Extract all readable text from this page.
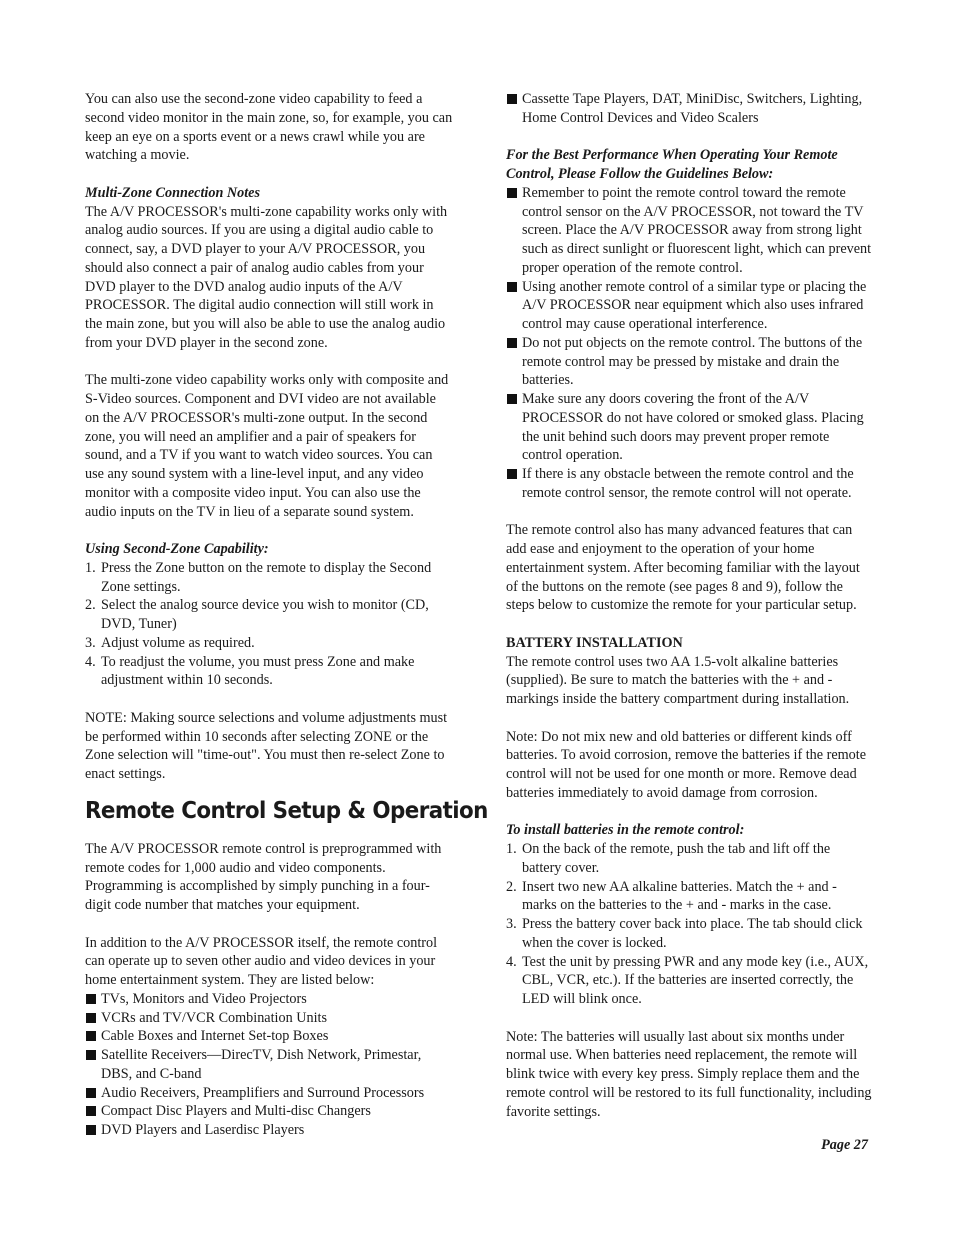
You can also use the second-zone video capability to feed a second video monitor in the main zone, so, for example, you can keep an eye on a sports event or a news crawl while you are watching a movie.

Multi-Zone Connection Notes

The A/V PROCESSOR's multi-zone capability works only with analog audio sources. If you are using a digital audio cable to connect, say, a DVD player to your A/V PROCESSOR, you should also connect a pair of analog audio cables from your DVD player to the DVD analog audio inputs of the A/V PROCESSOR. The digital audio connection will still work in the main zone, but you will also be able to use the analog audio from your DVD player in the second zone.

The multi-zone video capability works only with composite and S-Video sources. Component and DVI video are not available on the A/V PROCESSOR's multi-zone output. In the second zone, you will need an amplifier and a pair of speakers for sound, and a TV if you want to watch video sources. You can use any sound system with a line-level input, and any video monitor with a composite video input. You can also use the audio inputs on the TV in lieu of a separate sound system.

Using Second-Zone Capability:

1. Press the Zone button on the remote to display the Second Zone settings.
2. Select the analog source device you wish to monitor (CD, DVD, Tuner)
3. Adjust volume as required.
4. To readjust the volume, you must press Zone and make adjustment within 10 seconds.

NOTE: Making source selections and volume adjustments must be performed within 10 seconds after selecting ZONE or the Zone selection will "time-out". You must then re-select Zone to enact settings.

Remote Control Setup & Operation

The A/V PROCESSOR remote control is preprogrammed with remote codes for 1,000 audio and video components. Programming is accomplished by simply punching in a four-digit code number that matches your equipment.

In addition to the A/V PROCESSOR itself, the remote control can operate up to seven other audio and video devices in your home entertainment system. They are listed below:

TVs, Monitors and Video Projectors
VCRs and TV/VCR Combination Units
Cable Boxes and Internet Set-top Boxes
Satellite Receivers—DirecTV, Dish Network, Primestar, DBS, and C-band
Audio Receivers, Preamplifiers and Surround Processors
Compact Disc Players and Multi-disc Changers
DVD Players and Laserdisc Players
Cassette Tape Players, DAT, MiniDisc, Switchers, Lighting, Home Control Devices and Video Scalers

For the Best Performance When Operating Your Remote Control, Please Follow the Guidelines Below:

Remember to point the remote control toward the remote control sensor on the A/V PROCESSOR, not toward the TV screen. Place the A/V PROCESSOR away from strong light such as direct sunlight or fluorescent light, which can prevent proper operation of the remote control.
Using another remote control of a similar type or placing the A/V PROCESSOR near equipment which also uses infrared control may cause operational interference.
Do not put objects on the remote control. The buttons of the remote control may be pressed by mistake and drain the batteries.
Make sure any doors covering the front of the A/V PROCESSOR do not have colored or smoked glass. Placing the unit behind such doors may prevent proper remote control operation.
If there is any obstacle between the remote control and the remote control sensor, the remote control will not operate.

The remote control also has many advanced features that can add ease and enjoyment to the operation of your home entertainment system. After becoming familiar with the layout of the buttons on the remote (see pages 8 and 9), follow the steps below to customize the remote for your particular setup.

BATTERY INSTALLATION

The remote control uses two AA 1.5-volt alkaline batteries (supplied). Be sure to match the batteries with the + and - markings inside the battery compartment during installation.

Note: Do not mix new and old batteries or different kinds off batteries. To avoid corrosion, remove the batteries if the remote control will not be used for one month or more. Remove dead batteries immediately to avoid damage from corrosion.

To install batteries in the remote control:

1. On the back of the remote, push the tab and lift off the battery cover.
2. Insert two new AA alkaline batteries. Match the + and - marks on the batteries to the + and - marks in the case.
3. Press the battery cover back into place. The tab should click when the cover is locked.
4. Test the unit by pressing PWR and any mode key (i.e., AUX, CBL, VCR, etc.). If the batteries are inserted correctly, the LED will blink once.

Note: The batteries will usually last about six months under normal use. When batteries need replacement, the remote will blink twice with every key press. Simply replace them and the remote control will be restored to its full functionality, including favorite settings.

Page 27
